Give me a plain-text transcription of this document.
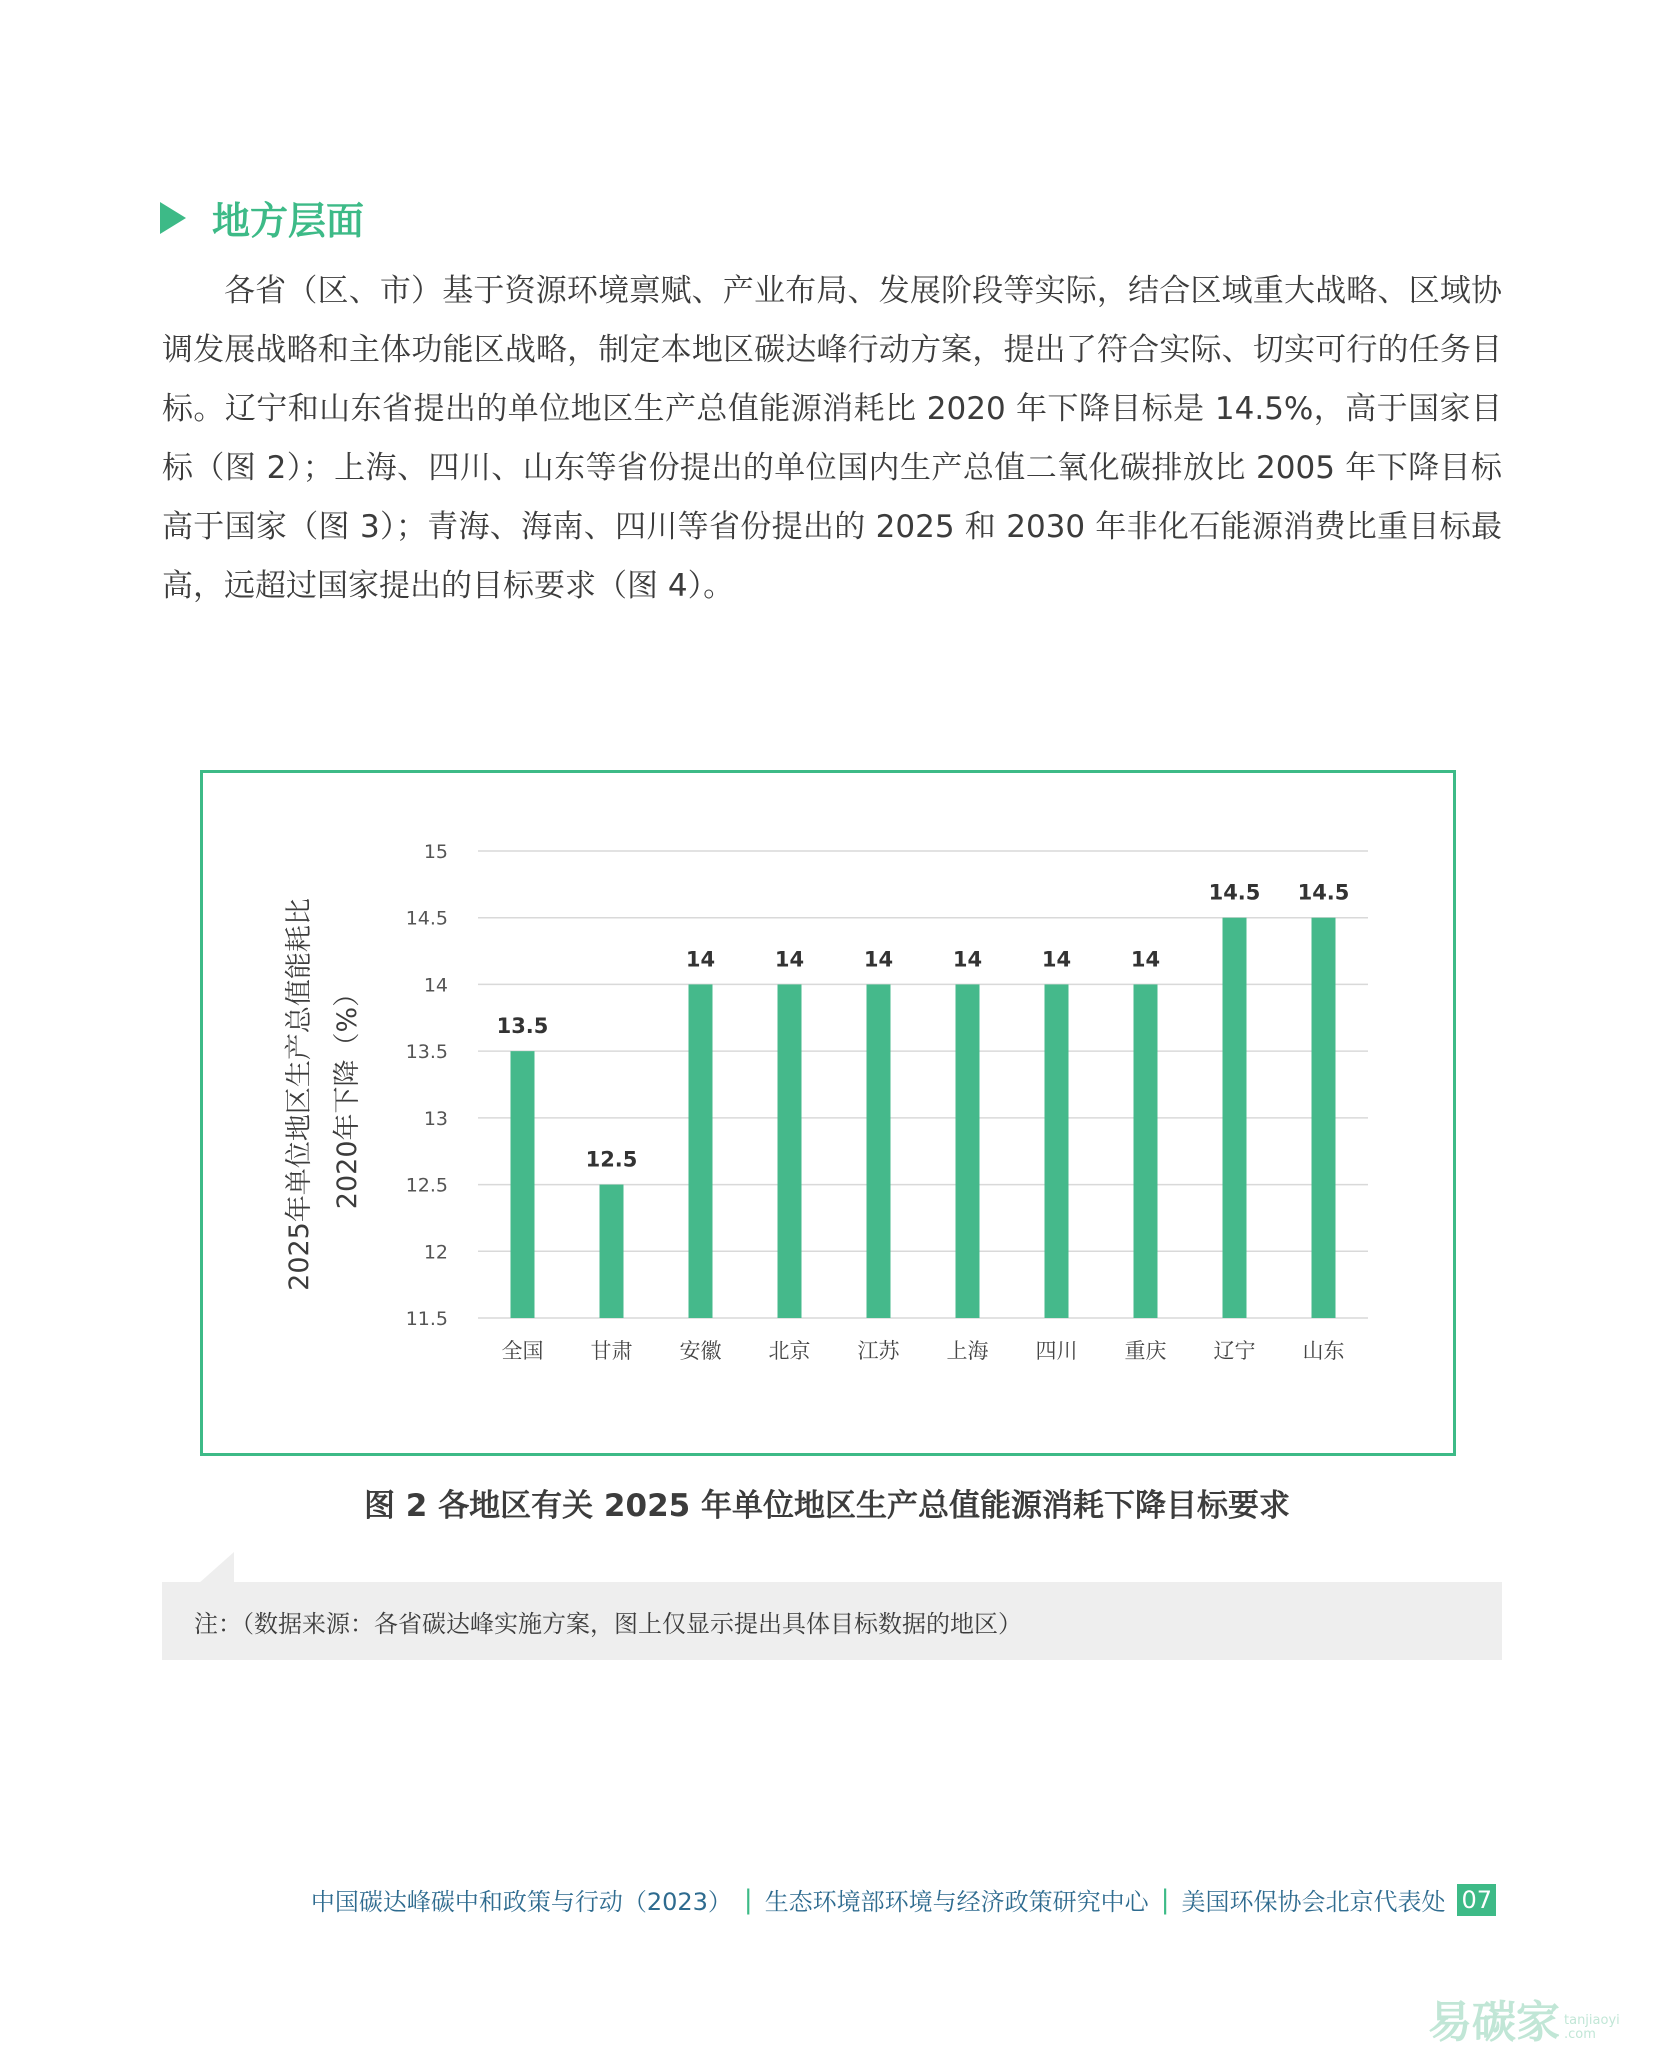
地方层面

各省（区、市）基于资源环境禀赋、产业布局、发展阶段等实际，结合区域重大战略、区域协调发展战略和主体功能区战略，制定本地区碳达峰行动方案，提出了符合实际、切实可行的任务目标。辽宁和山东省提出的单位地区生产总值能源消耗比 2020 年下降目标是 14.5%，高于国家目标（图 2）；上海、四川、山东等省份提出的单位国内生产总值二氧化碳排放比 2005 年下降目标高于国家（图 3）；青海、海南、四川等省份提出的 2025 和 2030 年非化石能源消费比重目标最高，远超过国家提出的目标要求（图 4）。

11.5
12
12.5
13
13.5
14
14.5
15
13.5
全国
12.5
甘肃
14
安徽
14
北京
14
江苏
14
上海
14
四川
14
重庆
14.5
辽宁
14.5
山东
2025年单位地区生产总值能耗比 2020年下降（%）
图 2 各地区有关 2025 年单位地区生产总值能源消耗下降目标要求
注：（数据来源：各省碳达峰实施方案，图上仅显示提出具体目标数据的地区）
中国碳达峰碳中和政策与行动（2023） | 生态环境部环境与经济政策研究中心 | 美国环保协会北京代表处 07
易碳家 tanjiaoyi
.com
